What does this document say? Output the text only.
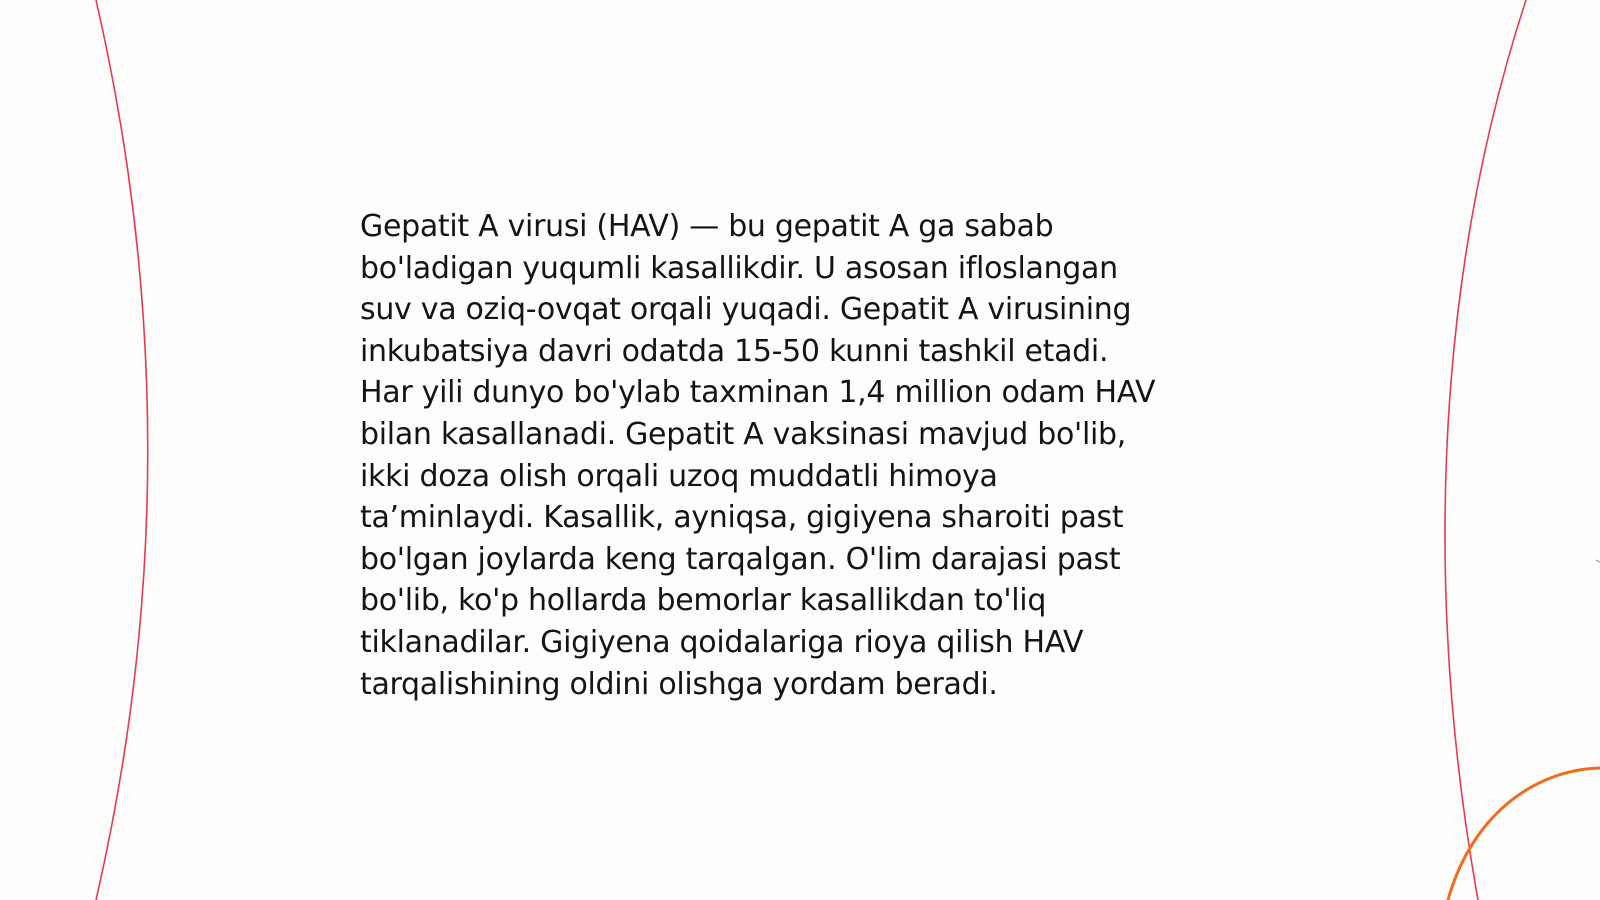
Gepatit A virusi (HAV) — bu gepatit A ga sabab
bo'ladigan yuqumli kasallikdir. U asosan ifloslangan
suv va oziq-ovqat orqali yuqadi. Gepatit A virusining
inkubatsiya davri odatda 15-50 kunni tashkil etadi.
Har yili dunyo bo'ylab taxminan 1,4 million odam HAV
bilan kasallanadi. Gepatit A vaksinasi mavjud bo'lib,
ikki doza olish orqali uzoq muddatli himoya
ta’minlaydi. Kasallik, ayniqsa, gigiyena sharoiti past
bo'lgan joylarda keng tarqalgan. O'lim darajasi past
bo'lib, ko'p hollarda bemorlar kasallikdan to'liq
tiklanadilar. Gigiyena qoidalariga rioya qilish HAV
tarqalishining oldini olishga yordam beradi.
